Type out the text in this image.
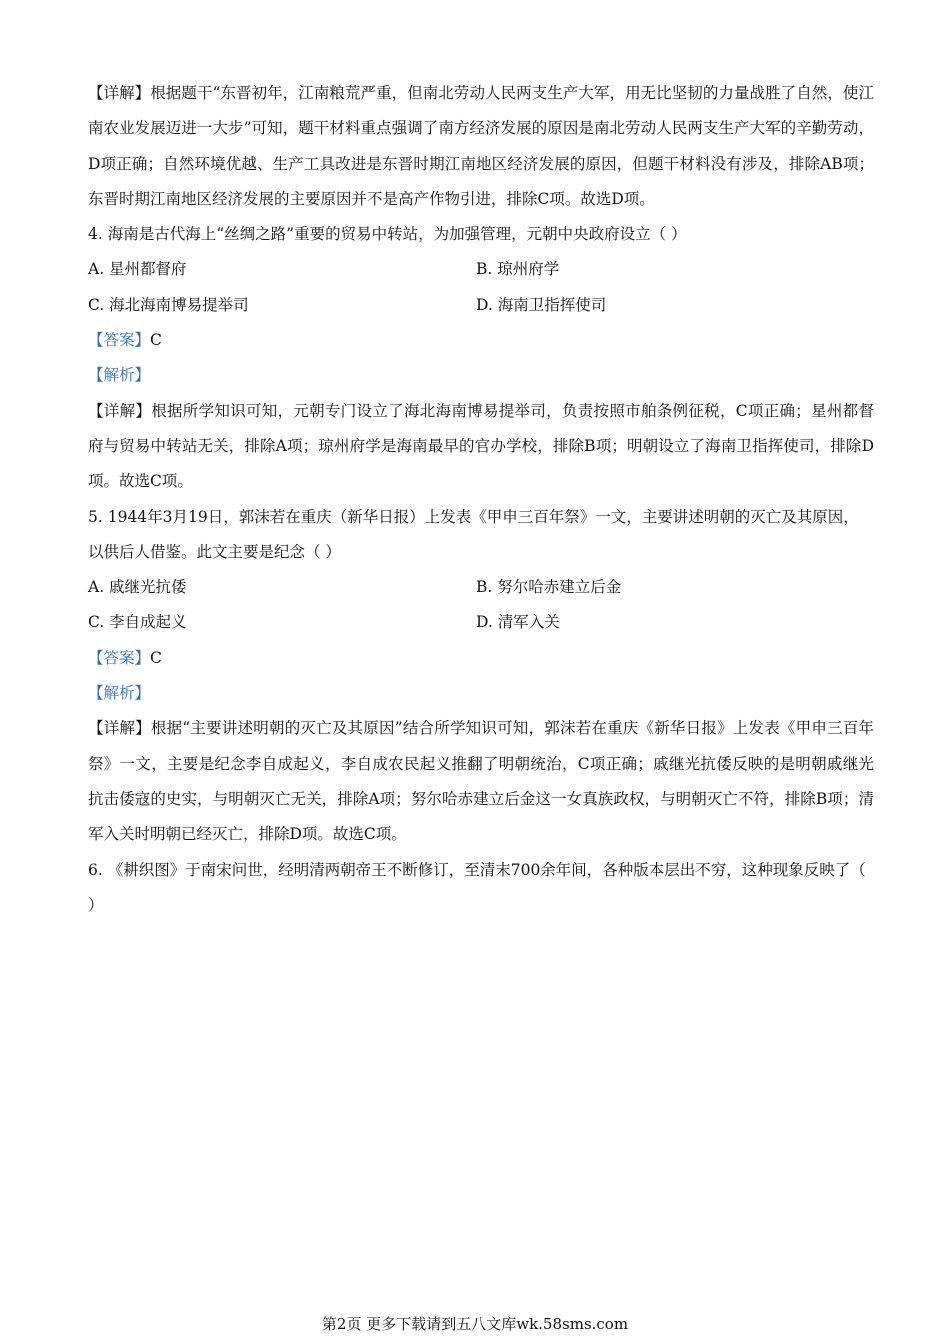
【详解】根据题干“东晋初年，江南粮荒严重，但南北劳动人民两支生产大军，用无比坚韧的力量战胜了自然，使江南农业发展迈进一大步”可知，题干材料重点强调了南方经济发展的原因是南北劳动人民两支生产大军的辛勤劳动，D项正确；自然环境优越、生产工具改进是东晋时期江南地区经济发展的原因，但题干材料没有涉及，排除AB项；东晋时期江南地区经济发展的主要原因并不是高产作物引进，排除C项。故选D项。

4. 海南是古代海上“丝绸之路”重要的贸易中转站，为加强管理，元朝中央政府设立（ ）

A. 星州都督府	B. 琼州府学
C. 海北海南博易提举司	D. 海南卫指挥使司

【答案】C

【解析】

【详解】根据所学知识可知，元朝专门设立了海北海南博易提举司，负责按照市舶条例征税，C项正确；星州都督府与贸易中转站无关，排除A项；琼州府学是海南最早的官办学校，排除B项；明朝设立了海南卫指挥使司，排除D项。故选C项。

5. 1944年3月19日，郭沫若在重庆（新华日报）上发表《甲申三百年祭》一文，主要讲述明朝的灭亡及其原因，以供后人借鉴。此文主要是纪念（ ）

A. 戚继光抗倭	B. 努尔哈赤建立后金
C. 李自成起义	D. 清军入关

【答案】C

【解析】

【详解】根据“主要讲述明朝的灭亡及其原因”结合所学知识可知，郭沫若在重庆《新华日报》上发表《甲申三百年祭》一文，主要是纪念李自成起义，李自成农民起义推翻了明朝统治，C项正确；戚继光抗倭反映的是明朝戚继光抗击倭寇的史实，与明朝灭亡无关，排除A项；努尔哈赤建立后金这一女真族政权，与明朝灭亡不符，排除B项；清军入关时明朝已经灭亡，排除D项。故选C项。

6. 《耕织图》于南宋问世，经明清两朝帝王不断修订，至清末700余年间，各种版本层出不穷，这种现象反映了（ ）

第2页 更多下载请到五八文库wk.58sms.com
